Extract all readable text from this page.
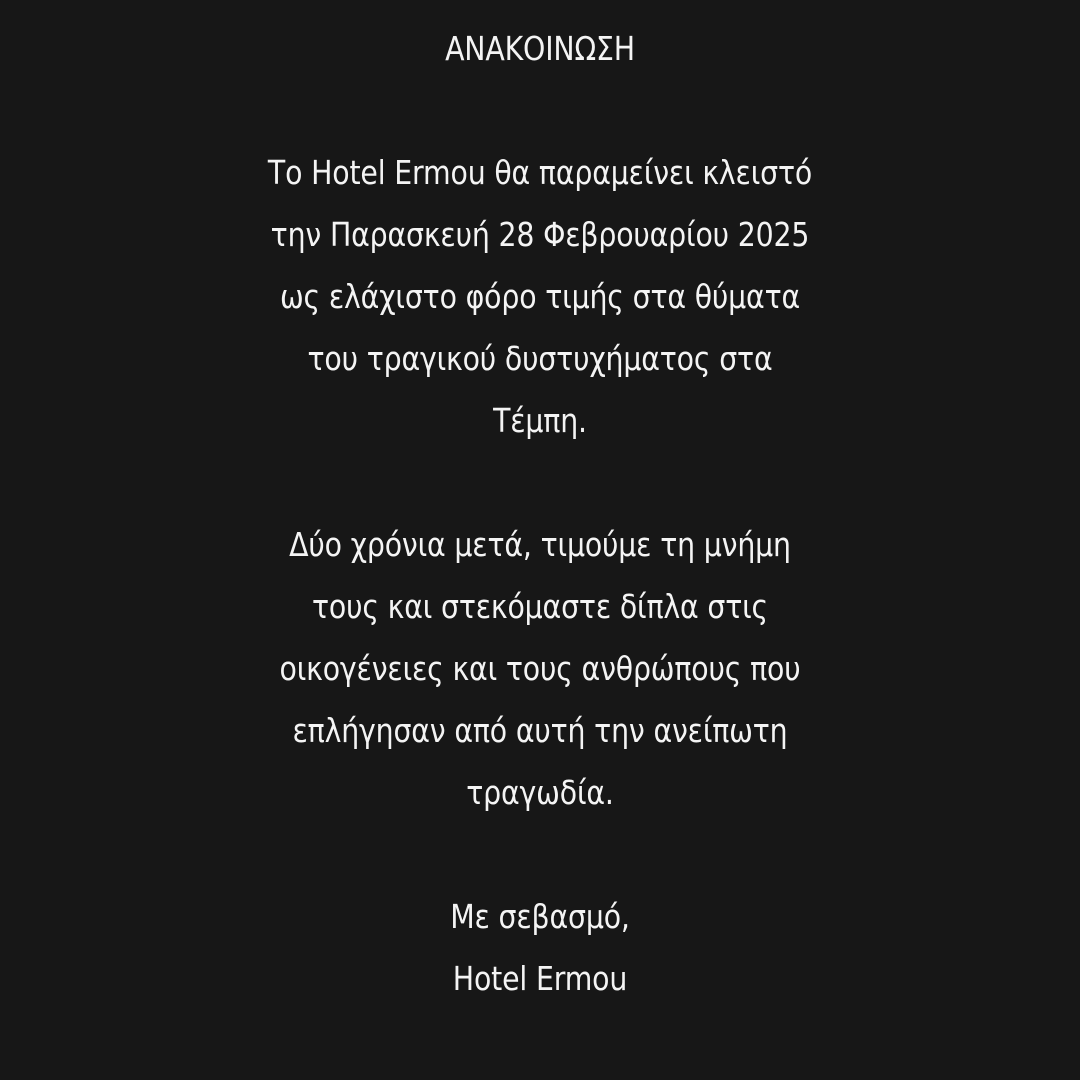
ΑΝΑΚΟΙΝΩΣΗ
Το Hotel Ermou θα παραμείνει κλειστό
την Παρασκευή 28 Φεβρουαρίου 2025
ως ελάχιστο φόρο τιμής στα θύματα
του τραγικού δυστυχήματος στα
Τέμπη.
Δύο χρόνια μετά, τιμούμε τη μνήμη
τους και στεκόμαστε δίπλα στις
οικογένειες και τους ανθρώπους που
επλήγησαν από αυτή την ανείπωτη
τραγωδία.
Με σεβασμό,
Hotel Ermou
